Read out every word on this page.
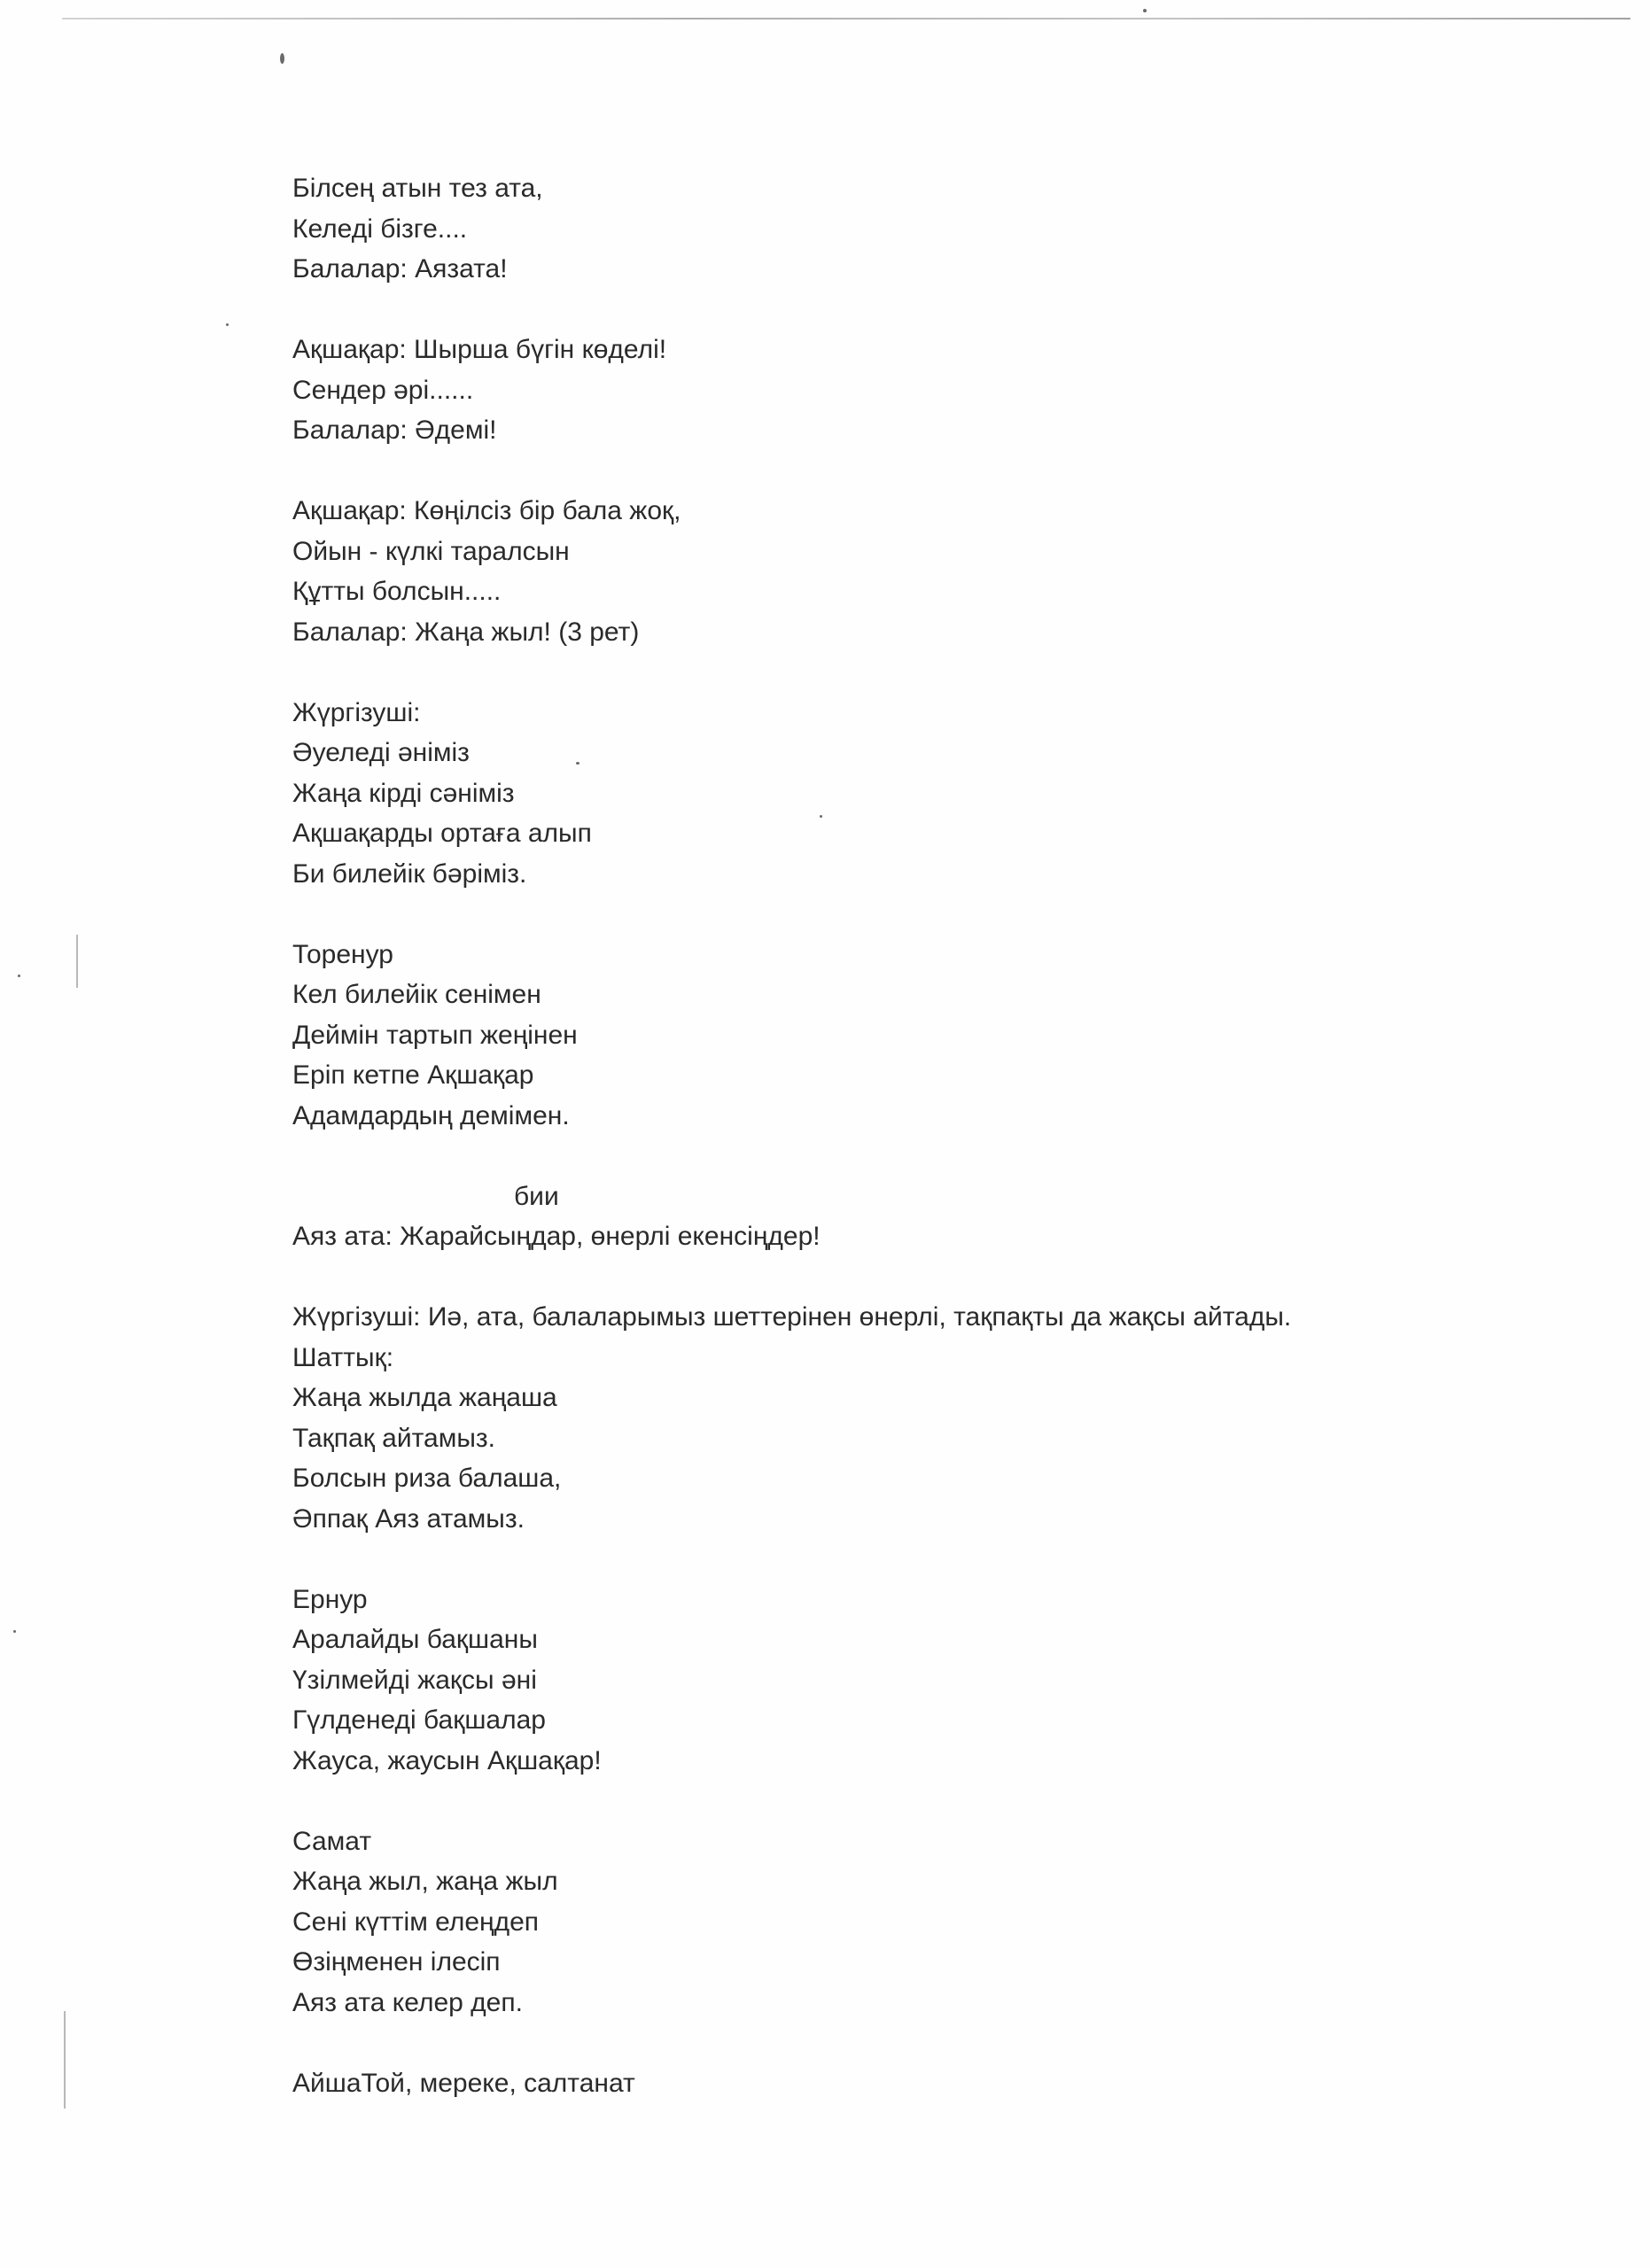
Білсең атын тез ата,
Келеді бізге....
Балалар: Аязата!
Ақшақар: Шырша бүгін көделі!
Сендер әрі......
Балалар: Әдемі!
Ақшақар: Көңілсіз бір бала жоқ,
Ойын - күлкі таралсын
Құтты болсын.....
Балалар: Жаңа жыл! (3 рет)
Жүргізуші:
Әуеледі әніміз
Жаңа кірді сәніміз
Ақшақарды ортаға алып
Би билейік бәріміз.
Торенур
Кел билейік сенімен
Деймін тартып жеңінен
Еріп кетпе Ақшақар
Адамдардың демімен.
бии
Аяз ата: Жарайсыңдар, өнерлі екенсіңдер!
Жүргізуші: Иә, ата, балаларымыз шеттерінен өнерлі, тақпақты да жақсы айтады.
Шаттық:
Жаңа жылда жаңаша
Тақпақ айтамыз.
Болсын риза балаша,
Әппақ Аяз атамыз.
Ернур
Аралайды бақшаны
Үзілмейді жақсы әні
Гүлденеді бақшалар
Жауса, жаусын Ақшақар!
Самат
Жаңа жыл, жаңа жыл
Сені күттім елеңдеп
Өзіңменен ілесіп
Аяз ата келер деп.
АйшаТой, мереке, салтанат
